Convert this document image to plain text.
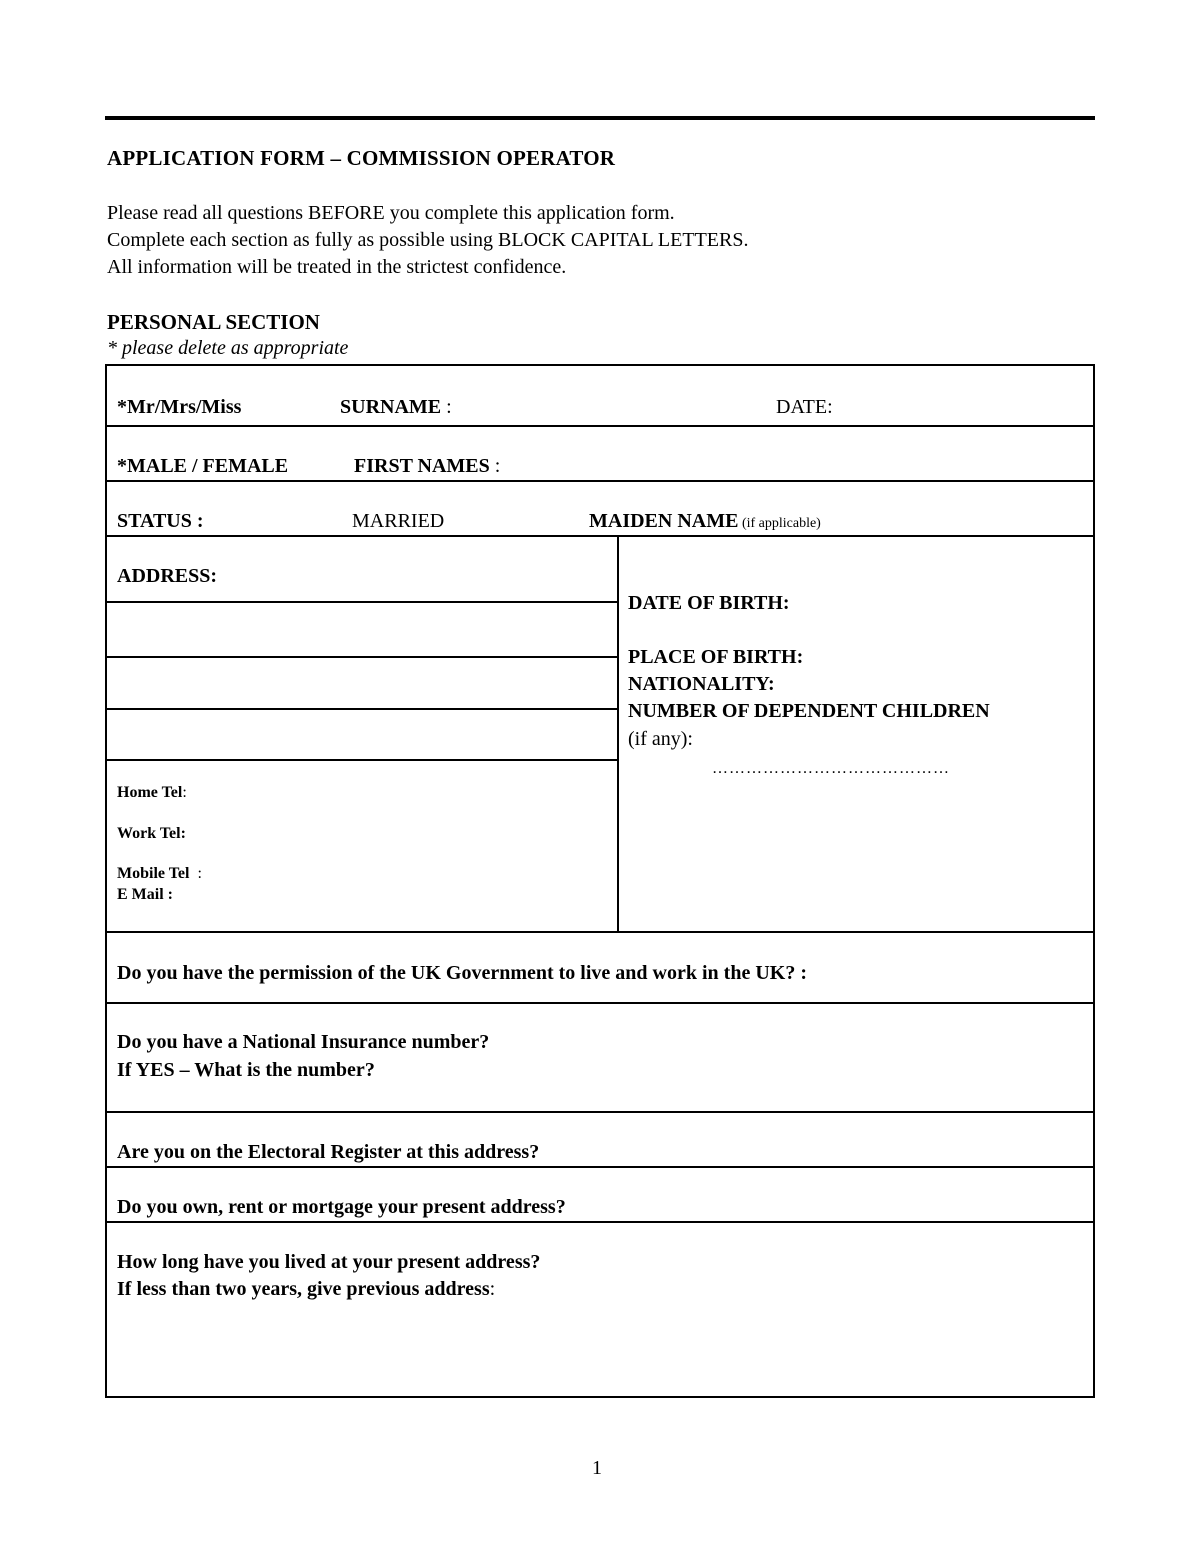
APPLICATION FORM – COMMISSION OPERATOR
Please read all questions BEFORE you complete this application form.
Complete each section as fully as possible using BLOCK CAPITAL LETTERS.
All information will be treated in the strictest confidence.
PERSONAL SECTION
* please delete as appropriate
*Mr/Mrs/Miss	SURNAME :	DATE:
*MALE / FEMALE	FIRST NAMES :
STATUS :	MARRIED	MAIDEN NAME (if applicable)
ADDRESS:
Home Tel:
Work Tel:
Mobile Tel  :
E Mail :
DATE OF BIRTH:
PLACE OF BIRTH:
NATIONALITY:
NUMBER OF DEPENDENT CHILDREN
(if any):
……………………………………
Do you have the permission of the UK Government to live and work in the UK? :
Do you have a National Insurance number?
If YES – What is the number?
Are you on the Electoral Register at this address?
Do you own, rent or mortgage your present address?
How long have you lived at your present address?
If less than two years, give previous address:
1
